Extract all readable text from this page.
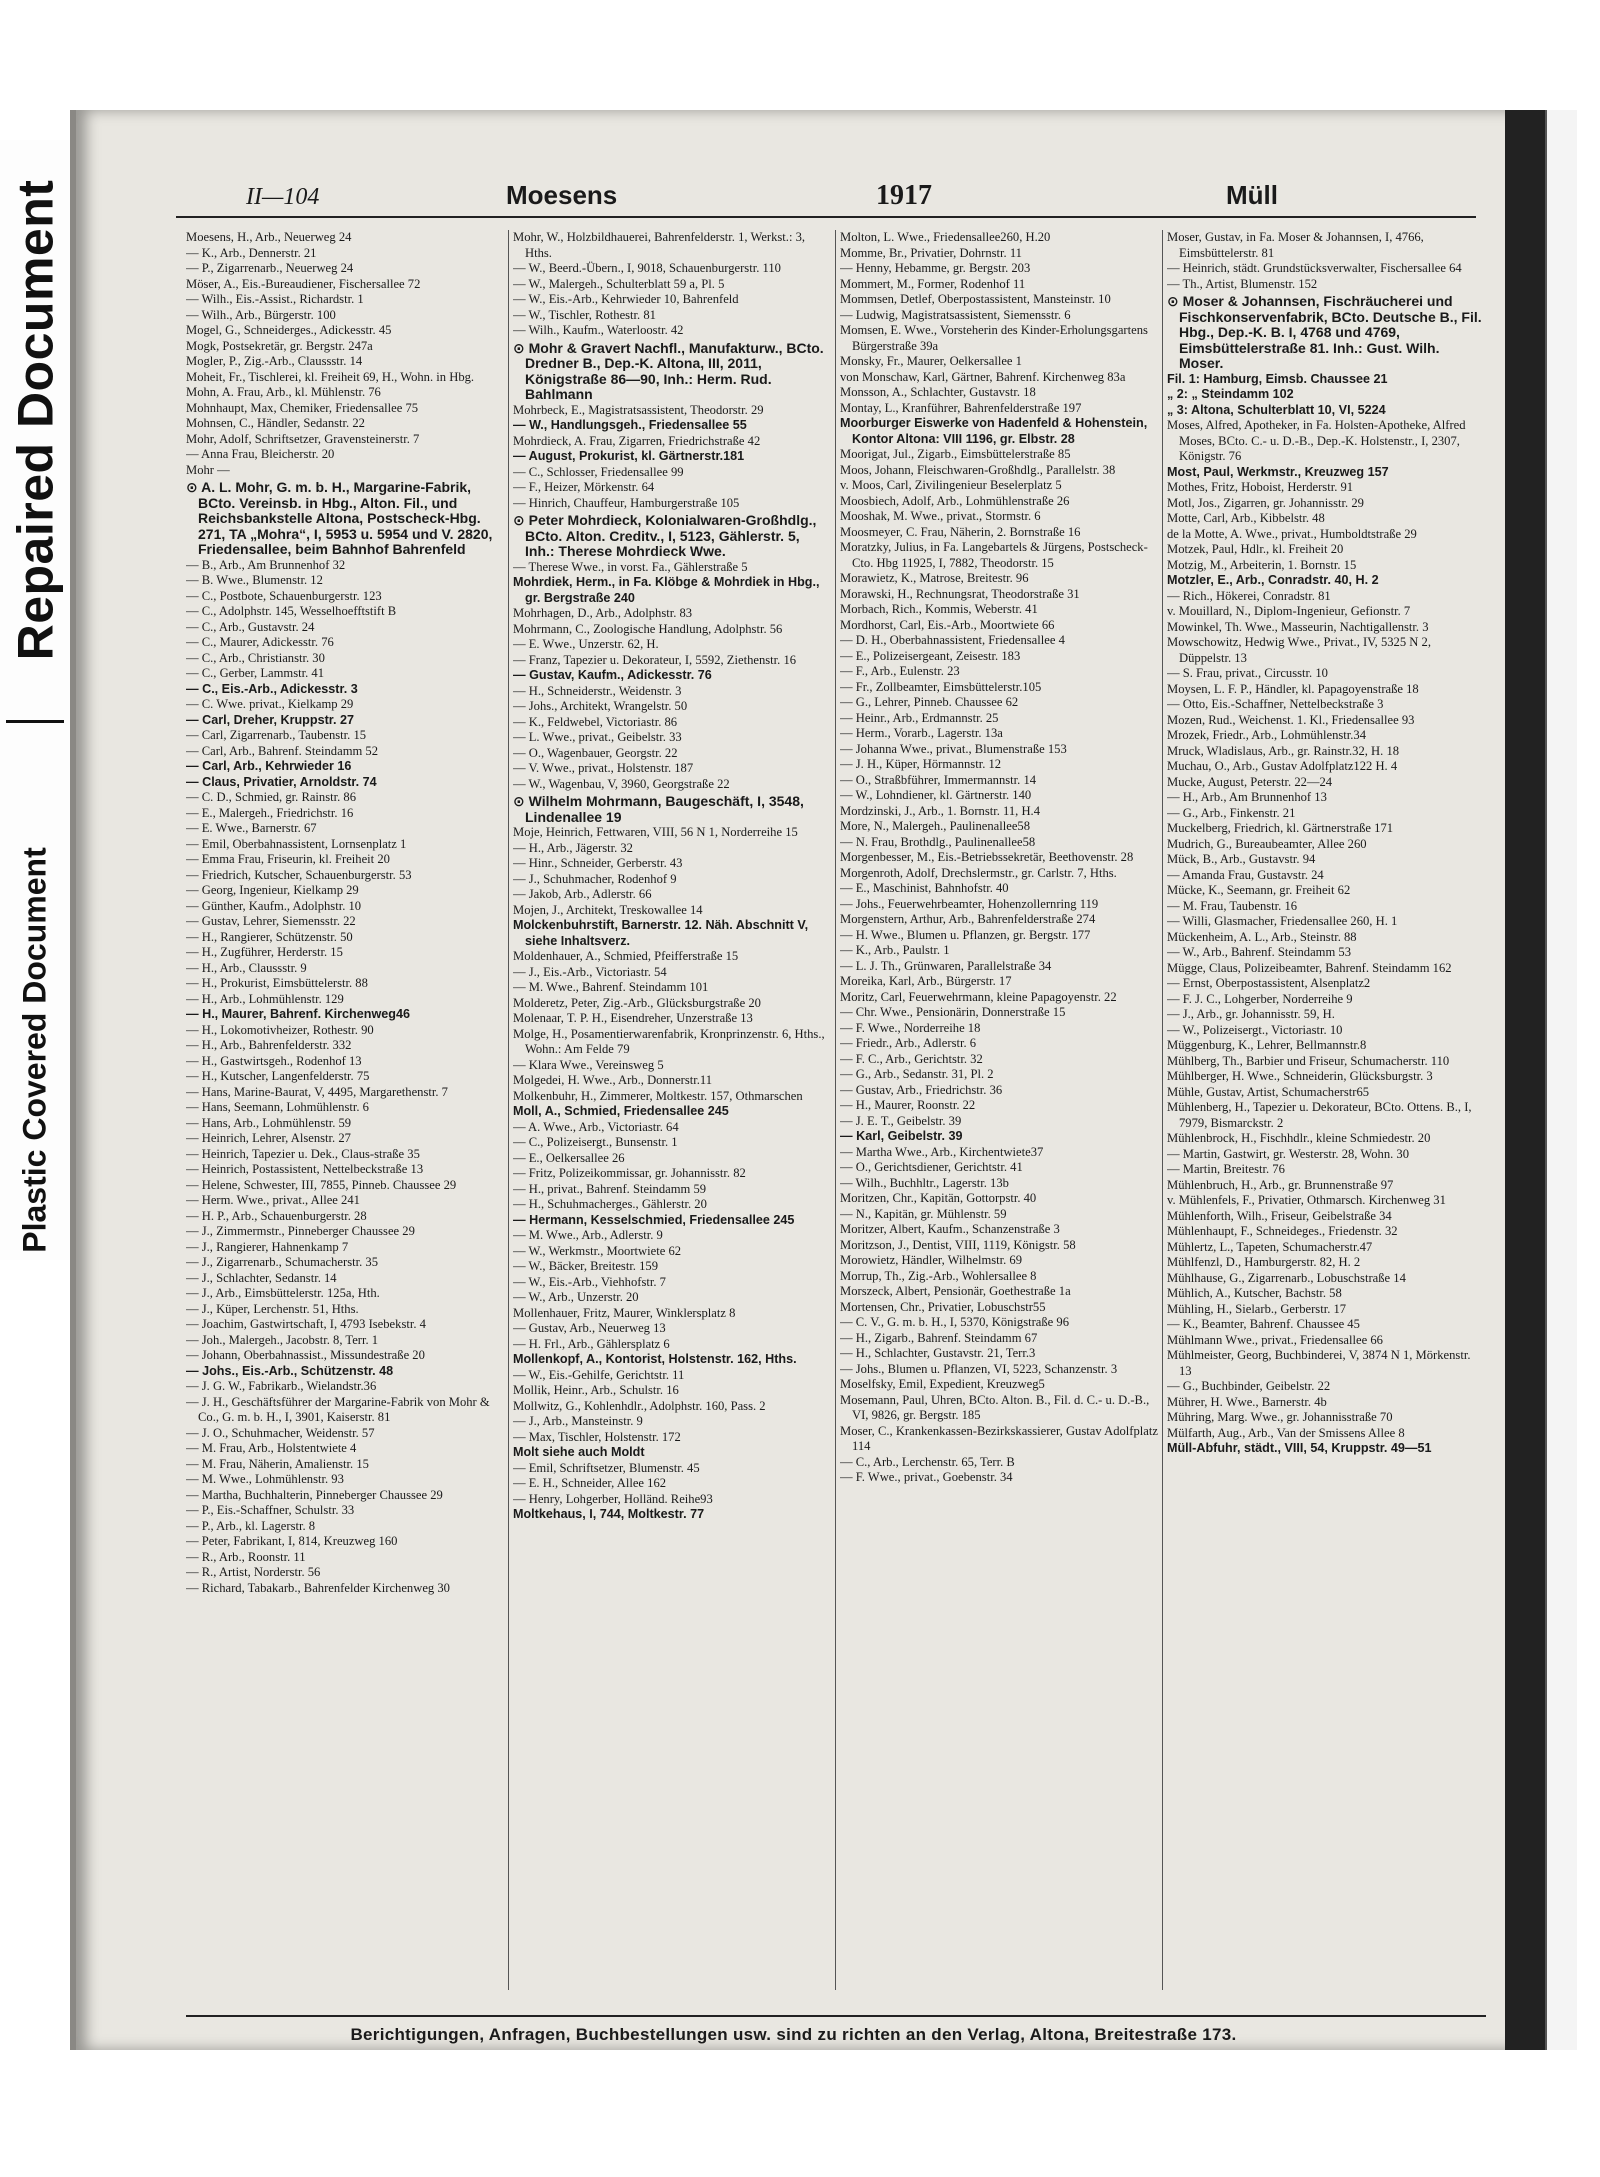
Repaired Document
Plastic Covered Document
II—104	Moesens	1917	Müll

Moesens, H., Arb., Neuerweg 24

— K., Arb., Dennerstr. 21

— P., Zigarrenarb., Neuerweg 24

Möser, A., Eis.-Bureaudiener, Fischersallee 72

— Wilh., Eis.-Assist., Richardstr. 1

— Wilh., Arb., Bürgerstr. 100

Mogel, G., Schneiderges., Adickesstr. 45

Mogk, Postsekretär, gr. Bergstr. 247a

Mogler, P., Zig.-Arb., Claussstr. 14

Moheit, Fr., Tischlerei, kl. Freiheit 69, H., Wohn. in Hbg.

Mohn, A. Frau, Arb., kl. Mühlenstr. 76

Mohnhaupt, Max, Chemiker, Friedensallee 75

Mohnsen, C., Händler, Sedanstr. 22

Mohr, Adolf, Schriftsetzer, Gravensteinerstr. 7

— Anna Frau, Bleicherstr. 20

Mohr —

⊙ A. L. Mohr, G. m. b. H., Margarine-Fabrik, BCto. Vereinsb. in Hbg., Alton. Fil., und Reichsbankstelle Altona, Postscheck-Hbg. 271, TA „Mohra“, I, 5953 u. 5954 und V. 2820, Friedensallee, beim Bahnhof Bahrenfeld

— B., Arb., Am Brunnenhof 32

— B. Wwe., Blumenstr. 12

— C., Postbote, Schauenburgerstr. 123

— C., Adolphstr. 145, Wesselhoefftstift B

— C., Arb., Gustavstr. 24

— C., Maurer, Adickesstr. 76

— C., Arb., Christianstr. 30

— C., Gerber, Lammstr. 41

— C., Eis.-Arb., Adickesstr. 3

— C. Wwe. privat., Kielkamp 29

— Carl, Dreher, Kruppstr. 27

— Carl, Zigarrenarb., Taubenstr. 15

— Carl, Arb., Bahrenf. Steindamm 52

— Carl, Arb., Kehrwieder 16

— Claus, Privatier, Arnoldstr. 74

— C. D., Schmied, gr. Rainstr. 86

— E., Malergeh., Friedrichstr. 16

— E. Wwe., Barnerstr. 67

— Emil, Oberbahnassistent, Lornsenplatz 1

— Emma Frau, Friseurin, kl. Freiheit 20

— Friedrich, Kutscher, Schauenburgerstr. 53

— Georg, Ingenieur, Kielkamp 29

— Günther, Kaufm., Adolphstr. 10

— Gustav, Lehrer, Siemensstr. 22

— H., Rangierer, Schützenstr. 50

— H., Zugführer, Herderstr. 15

— H., Arb., Claussstr. 9

— H., Prokurist, Eimsbüttelerstr. 88

— H., Arb., Lohmühlenstr. 129

— H., Maurer, Bahrenf. Kirchenweg46

— H., Lokomotivheizer, Rothestr. 90

— H., Arb., Bahrenfelderstr. 332

— H., Gastwirtsgeh., Rodenhof 13

— H., Kutscher, Langenfelderstr. 75

— Hans, Marine-Baurat, V, 4495, Margarethenstr. 7

— Hans, Seemann, Lohmühlenstr. 6

— Hans, Arb., Lohmühlenstr. 59

— Heinrich, Lehrer, Alsenstr. 27

— Heinrich, Tapezier u. Dek., Claus-straße 35

— Heinrich, Postassistent, Nettelbeckstraße 13

— Helene, Schwester, III, 7855, Pinneb. Chaussee 29

— Herm. Wwe., privat., Allee 241

— H. P., Arb., Schauenburgerstr. 28

— J., Zimmermstr., Pinneberger Chaussee 29

— J., Rangierer, Hahnenkamp 7

— J., Zigarrenarb., Schumacherstr. 35

— J., Schlachter, Sedanstr. 14

— J., Arb., Eimsbüttelerstr. 125a, Hth.

— J., Küper, Lerchenstr. 51, Hths.

— Joachim, Gastwirtschaft, I, 4793 Isebekstr. 4

— Joh., Malergeh., Jacobstr. 8, Terr. 1

— Johann, Oberbahnassist., Missundestraße 20

— Johs., Eis.-Arb., Schützenstr. 48

— J. G. W., Fabrikarb., Wielandstr.36

— J. H., Geschäftsführer der Margarine-Fabrik von Mohr & Co., G. m. b. H., I, 3901, Kaiserstr. 81

— J. O., Schuhmacher, Weidenstr. 57

— M. Frau, Arb., Holstentwiete 4

— M. Frau, Näherin, Amalienstr. 15

— M. Wwe., Lohmühlenstr. 93

— Martha, Buchhalterin, Pinneberger Chaussee 29

— P., Eis.-Schaffner, Schulstr. 33

— P., Arb., kl. Lagerstr. 8

— Peter, Fabrikant, I, 814, Kreuzweg 160

— R., Arb., Roonstr. 11

— R., Artist, Norderstr. 56

— Richard, Tabakarb., Bahrenfelder Kirchenweg 30

Mohr, W., Holzbildhauerei, Bahrenfelderstr. 1, Werkst.: 3, Hths.

— W., Beerd.-Übern., I, 9018, Schauenburgerstr. 110

— W., Malergeh., Schulterblatt 59 a, Pl. 5

— W., Eis.-Arb., Kehrwieder 10, Bahrenfeld

— W., Tischler, Rothestr. 81

— Wilh., Kaufm., Waterloostr. 42

⊙ Mohr & Gravert Nachfl., Manufakturw., BCto. Dredner B., Dep.-K. Altona, III, 2011, Königstraße 86—90, Inh.: Herm. Rud. Bahlmann

Mohrbeck, E., Magistratsassistent, Theodorstr. 29

— W., Handlungsgeh., Friedensallee 55

Mohrdieck, A. Frau, Zigarren, Friedrichstraße 42

— August, Prokurist, kl. Gärtnerstr.181

— C., Schlosser, Friedensallee 99

— F., Heizer, Mörkenstr. 64

— Hinrich, Chauffeur, Hamburgerstraße 105

⊙ Peter Mohrdieck, Kolonialwaren-Großhdlg., BCto. Alton. Creditv., I, 5123, Gählerstr. 5, Inh.: Therese Mohrdieck Wwe.

— Therese Wwe., in vorst. Fa., Gählerstraße 5

Mohrdiek, Herm., in Fa. Klöbge & Mohrdiek in Hbg., gr. Bergstraße 240

Mohrhagen, D., Arb., Adolphstr. 83

Mohrmann, C., Zoologische Handlung, Adolphstr. 56

— E. Wwe., Unzerstr. 62, H.

— Franz, Tapezier u. Dekorateur, I, 5592, Ziethenstr. 16

— Gustav, Kaufm., Adickesstr. 76

— H., Schneiderstr., Weidenstr. 3

— Johs., Architekt, Wrangelstr. 50

— K., Feldwebel, Victoriastr. 86

— L. Wwe., privat., Geibelstr. 33

— O., Wagenbauer, Georgstr. 22

— V. Wwe., privat., Holstenstr. 187

— W., Wagenbau, V, 3960, Georgstraße 22

⊙ Wilhelm Mohrmann, Baugeschäft, I, 3548, Lindenallee 19

Moje, Heinrich, Fettwaren, VIII, 56 N 1, Norderreihe 15

— H., Arb., Jägerstr. 32

— Hinr., Schneider, Gerberstr. 43

— J., Schuhmacher, Rodenhof 9

— Jakob, Arb., Adlerstr. 66

Mojen, J., Architekt, Treskowallee 14

Molckenbuhrstift, Barnerstr. 12. Näh. Abschnitt V, siehe Inhaltsverz.

Moldenhauer, A., Schmied, Pfeifferstraße 15

— J., Eis.-Arb., Victoriastr. 54

— M. Wwe., Bahrenf. Steindamm 101

Molderetz, Peter, Zig.-Arb., Glücksburgstraße 20

Molenaar, T. P. H., Eisendreher, Unzerstraße 13

Molge, H., Posamentierwarenfabrik, Kronprinzenstr. 6, Hths., Wohn.: Am Felde 79

— Klara Wwe., Vereinsweg 5

Molgedei, H. Wwe., Arb., Donnerstr.11

Molkenbuhr, H., Zimmerer, Moltkestr. 157, Othmarschen

Moll, A., Schmied, Friedensallee 245

— A. Wwe., Arb., Victoriastr. 64

— C., Polizeisergt., Bunsenstr. 1

— E., Oelkersallee 26

— Fritz, Polizeikommissar, gr. Johannisstr. 82

— H., privat., Bahrenf. Steindamm 59

— H., Schuhmacherges., Gählerstr. 20

— Hermann, Kesselschmied, Friedensallee 245

— M. Wwe., Arb., Adlerstr. 9

— W., Werkmstr., Moortwiete 62

— W., Bäcker, Breitestr. 159

— W., Eis.-Arb., Viehhofstr. 7

— W., Arb., Unzerstr. 20

Mollenhauer, Fritz, Maurer, Winklersplatz 8

— Gustav, Arb., Neuerweg 13

— H. Frl., Arb., Gählersplatz 6

Mollenkopf, A., Kontorist, Holstenstr. 162, Hths.

— W., Eis.-Gehilfe, Gerichtstr. 11

Mollik, Heinr., Arb., Schulstr. 16

Mollwitz, G., Kohlenhdlr., Adolphstr. 160, Pass. 2

— J., Arb., Mansteinstr. 9

— Max, Tischler, Holstenstr. 172

Molt siehe auch Moldt

— Emil, Schriftsetzer, Blumenstr. 45

— E. H., Schneider, Allee 162

— Henry, Lohgerber, Holländ. Reihe93

Moltkehaus, I, 744, Moltkestr. 77

Molton, L. Wwe., Friedensallee260, H.20

Momme, Br., Privatier, Dohrnstr. 11

— Henny, Hebamme, gr. Bergstr. 203

Mommert, M., Former, Rodenhof 11

Mommsen, Detlef, Oberpostassistent, Mansteinstr. 10

— Ludwig, Magistratsassistent, Siemensstr. 6

Momsen, E. Wwe., Vorsteherin des Kinder-Erholungsgartens Bürgerstraße 39a

Monsky, Fr., Maurer, Oelkersallee 1

von Monschaw, Karl, Gärtner, Bahrenf. Kirchenweg 83a

Monsson, A., Schlachter, Gustavstr. 18

Montay, L., Kranführer, Bahrenfelderstraße 197

Moorburger Eiswerke von Hadenfeld & Hohenstein, Kontor Altona: VIII 1196, gr. Elbstr. 28

Moorigat, Jul., Zigarb., Eimsbüttelerstraße 85

Moos, Johann, Fleischwaren-Großhdlg., Parallelstr. 38

v. Moos, Carl, Zivilingenieur Beselerplatz 5

Moosbiech, Adolf, Arb., Lohmühlenstraße 26

Mooshak, M. Wwe., privat., Stormstr. 6

Moosmeyer, C. Frau, Näherin, 2. Bornstraße 16

Moratzky, Julius, in Fa. Langebartels & Jürgens, Postscheck-Cto. Hbg 11925, I, 7882, Theodorstr. 15

Morawietz, K., Matrose, Breitestr. 96

Morawski, H., Rechnungsrat, Theodorstraße 31

Morbach, Rich., Kommis, Weberstr. 41

Mordhorst, Carl, Eis.-Arb., Moortwiete 66

— D. H., Oberbahnassistent, Friedensallee 4

— E., Polizeisergeant, Zeisestr. 183

— F., Arb., Eulenstr. 23

— Fr., Zollbeamter, Eimsbüttelerstr.105

— G., Lehrer, Pinneb. Chaussee 62

— Heinr., Arb., Erdmannstr. 25

— Herm., Vorarb., Lagerstr. 13a

— Johanna Wwe., privat., Blumenstraße 153

— J. H., Küper, Hörmannstr. 12

— O., Straßbführer, Immermannstr. 14

— W., Lohndiener, kl. Gärtnerstr. 140

Mordzinski, J., Arb., 1. Bornstr. 11, H.4

More, N., Malergeh., Paulinenallee58

— N. Frau, Brothdlg., Paulinenallee58

Morgenbesser, M., Eis.-Betriebssekretär, Beethovenstr. 28

Morgenroth, Adolf, Drechslermstr., gr. Carlstr. 7, Hths.

— E., Maschinist, Bahnhofstr. 40

— Johs., Feuerwehrbeamter, Hohenzollernring 119

Morgenstern, Arthur, Arb., Bahrenfelderstraße 274

— H. Wwe., Blumen u. Pflanzen, gr. Bergstr. 177

— K., Arb., Paulstr. 1

— L. J. Th., Grünwaren, Parallelstraße 34

Moreika, Karl, Arb., Bürgerstr. 17

Moritz, Carl, Feuerwehrmann, kleine Papagoyenstr. 22

— Chr. Wwe., Pensionärin, Donnerstraße 15

— F. Wwe., Norderreihe 18

— Friedr., Arb., Adlerstr. 6

— F. C., Arb., Gerichtstr. 32

— G., Arb., Sedanstr. 31, Pl. 2

— Gustav, Arb., Friedrichstr. 36

— H., Maurer, Roonstr. 22

— J. E. T., Geibelstr. 39

— Karl, Geibelstr. 39

— Martha Wwe., Arb., Kirchentwiete37

— O., Gerichtsdiener, Gerichtstr. 41

— Wilh., Buchhltr., Lagerstr. 13b

Moritzen, Chr., Kapitän, Gottorpstr. 40

— N., Kapitän, gr. Mühlenstr. 59

Moritzer, Albert, Kaufm., Schanzenstraße 3

Moritzson, J., Dentist, VIII, 1119, Königstr. 58

Morowietz, Händler, Wilhelmstr. 69

Morrup, Th., Zig.-Arb., Wohlersallee 8

Morszeck, Albert, Pensionär, Goethestraße 1a

Mortensen, Chr., Privatier, Lobuschstr55

— C. V., G. m. b. H., I, 5370, Königstraße 96

— H., Zigarb., Bahrenf. Steindamm 67

— H., Schlachter, Gustavstr. 21, Terr.3

— Johs., Blumen u. Pflanzen, VI, 5223, Schanzenstr. 3

Moselfsky, Emil, Expedient, Kreuzweg5

Mosemann, Paul, Uhren, BCto. Alton. B., Fil. d. C.- u. D.-B., VI, 9826, gr. Bergstr. 185

Moser, C., Krankenkassen-Bezirkskassierer, Gustav Adolfplatz 114

— C., Arb., Lerchenstr. 65, Terr. B

— F. Wwe., privat., Goebenstr. 34

Moser, Gustav, in Fa. Moser & Johannsen, I, 4766, Eimsbüttelerstr. 81

— Heinrich, städt. Grundstücksverwalter, Fischersallee 64

— Th., Artist, Blumenstr. 152

⊙ Moser & Johannsen, Fischräucherei und Fischkonservenfabrik, BCto. Deutsche B., Fil. Hbg., Dep.-K. B. I, 4768 und 4769, Eimsbüttelerstraße 81. Inh.: Gust. Wilh. Moser.

Fil. 1: Hamburg, Eimsb. Chaussee 21

„ 2: „ Steindamm 102

„ 3: Altona, Schulterblatt 10, VI, 5224

Moses, Alfred, Apotheker, in Fa. Holsten-Apotheke, Alfred Moses, BCto. C.- u. D.-B., Dep.-K. Holstenstr., I, 2307, Königstr. 76

Most, Paul, Werkmstr., Kreuzweg 157

Mothes, Fritz, Hoboist, Herderstr. 91

Motl, Jos., Zigarren, gr. Johannisstr. 29

Motte, Carl, Arb., Kibbelstr. 48

de la Motte, A. Wwe., privat., Humboldtstraße 29

Motzek, Paul, Hdlr., kl. Freiheit 20

Motzig, M., Arbeiterin, 1. Bornstr. 15

Motzler, E., Arb., Conradstr. 40, H. 2

— Rich., Hökerei, Conradstr. 81

v. Mouillard, N., Diplom-Ingenieur, Gefionstr. 7

Mowinkel, Th. Wwe., Masseurin, Nachtigallenstr. 3

Mowschowitz, Hedwig Wwe., Privat., IV, 5325 N 2, Düppelstr. 13

— S. Frau, privat., Circusstr. 10

Moysen, L. F. P., Händler, kl. Papagoyenstraße 18

— Otto, Eis.-Schaffner, Nettelbeckstraße 3

Mozen, Rud., Weichenst. 1. Kl., Friedensallee 93

Mrozek, Friedr., Arb., Lohmühlenstr.34

Mruck, Wladislaus, Arb., gr. Rainstr.32, H. 18

Muchau, O., Arb., Gustav Adolfplatz122 H. 4

Mucke, August, Peterstr. 22—24

— H., Arb., Am Brunnenhof 13

— G., Arb., Finkenstr. 21

Muckelberg, Friedrich, kl. Gärtnerstraße 171

Mudrich, G., Bureaubeamter, Allee 260

Mück, B., Arb., Gustavstr. 94

— Amanda Frau, Gustavstr. 24

Mücke, K., Seemann, gr. Freiheit 62

— M. Frau, Taubenstr. 16

— Willi, Glasmacher, Friedensallee 260, H. 1

Mückenheim, A. L., Arb., Steinstr. 88

— W., Arb., Bahrenf. Steindamm 53

Mügge, Claus, Polizeibeamter, Bahrenf. Steindamm 162

— Ernst, Oberpostassistent, Alsenplatz2

— F. J. C., Lohgerber, Norderreihe 9

— J., Arb., gr. Johannisstr. 59, H.

— W., Polizeisergt., Victoriastr. 10

Müggenburg, K., Lehrer, Bellmannstr.8

Mühlberg, Th., Barbier und Friseur, Schumacherstr. 110

Mühlberger, H. Wwe., Schneiderin, Glücksburgstr. 3

Mühle, Gustav, Artist, Schumacherstr65

Mühlenberg, H., Tapezier u. Dekorateur, BCto. Ottens. B., I, 7979, Bismarckstr. 2

Mühlenbrock, H., Fischhdlr., kleine Schmiedestr. 20

— Martin, Gastwirt, gr. Westerstr. 28, Wohn. 30

— Martin, Breitestr. 76

Mühlenbruch, H., Arb., gr. Brunnenstraße 97

v. Mühlenfels, F., Privatier, Othmarsch. Kirchenweg 31

Mühlenforth, Wilh., Friseur, Geibelstraße 34

Mühlenhaupt, F., Schneideges., Friedenstr. 32

Mühlertz, L., Tapeten, Schumacherstr.47

Mühlfenzl, D., Hamburgerstr. 82, H. 2

Mühlhause, G., Zigarrenarb., Lobuschstraße 14

Mühlich, A., Kutscher, Bachstr. 58

Mühling, H., Sielarb., Gerberstr. 17

— K., Beamter, Bahrenf. Chaussee 45

Mühlmann Wwe., privat., Friedensallee 66

Mühlmeister, Georg, Buchbinderei, V, 3874 N 1, Mörkenstr. 13

— G., Buchbinder, Geibelstr. 22

Mührer, H. Wwe., Barnerstr. 4b

Mühring, Marg. Wwe., gr. Johannisstraße 70

Mülfarth, Aug., Arb., Van der Smissens Allee 8

Müll-Abfuhr, städt., VIII, 54, Kruppstr. 49—51

Berichtigungen, Anfragen, Buchbestellungen usw. sind zu richten an den Verlag, Altona, Breitestraße 173.
